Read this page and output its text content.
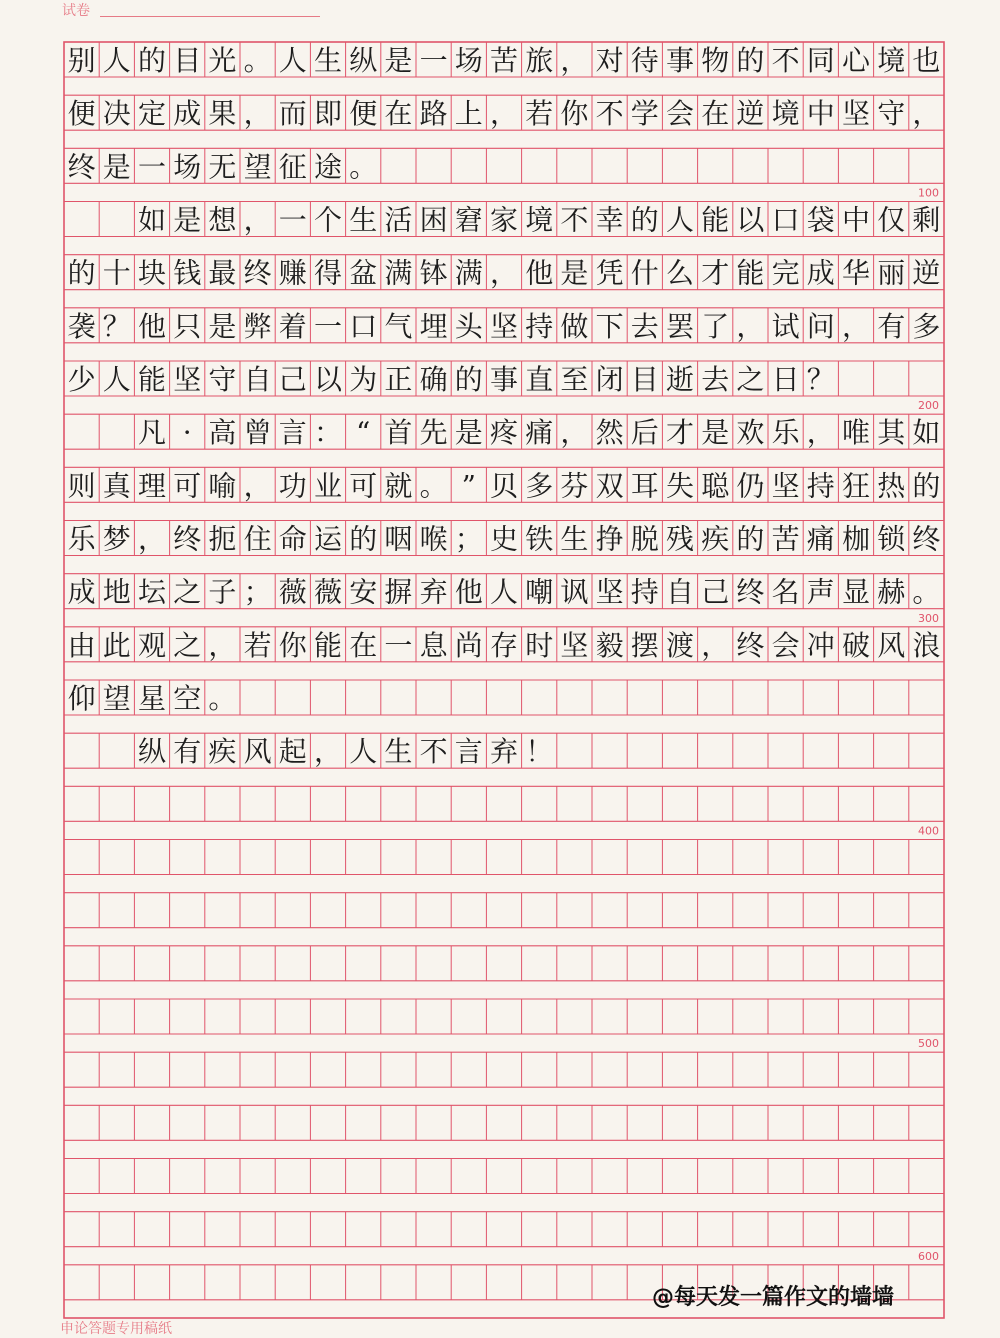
试卷
100
200
300
400
500
600
别 人 的 目 光 。 人 生 纵 是 一 场 苦 旅 ， 对 待 事 物 的 不 同 心 境 也
便 决 定 成 果 ， 而 即 便 在 路 上 ， 若 你 不 学 会 在 逆 境 中 坚 守 ，
终 是 一 场 无 望 征 途 。
如 是 想 ， 一 个 生 活 困 窘 家 境 不 幸 的 人 能 以 口 袋 中 仅 剩
的 十 块 钱 最 终 赚 得 盆 满 钵 满 ， 他 是 凭 什 么 才 能 完 成 华 丽 逆
袭 ？ 他 只 是 弊 着 一 口 气 埋 头 坚 持 做 下 去 罢 了 ， 试 问 ， 有 多
少 人 能 坚 守 自 己 以 为 正 确 的 事 直 至 闭 目 逝 去 之 日 ？
凡 · 高 曾 言 ： “ 首 先 是 疼 痛 ， 然 后 才 是 欢 乐 ， 唯 其 如
则 真 理 可 喻 ， 功 业 可 就 。 ” 贝 多 芬 双 耳 失 聪 仍 坚 持 狂 热 的
乐 梦 ， 终 扼 住 命 运 的 咽 喉 ； 史 铁 生 挣 脱 残 疾 的 苦 痛 枷 锁 终
成 地 坛 之 子 ； 薇 薇 安 摒 弃 他 人 嘲 讽 坚 持 自 己 终 名 声 显 赫 。
由 此 观 之 ， 若 你 能 在 一 息 尚 存 时 坚 毅 摆 渡 ， 终 会 冲 破 风 浪
仰 望 星 空 。
纵 有 疾 风 起 ， 人 生 不 言 弃 ！
@每天发一篇作文的墙墙
申论答题专用稿纸
